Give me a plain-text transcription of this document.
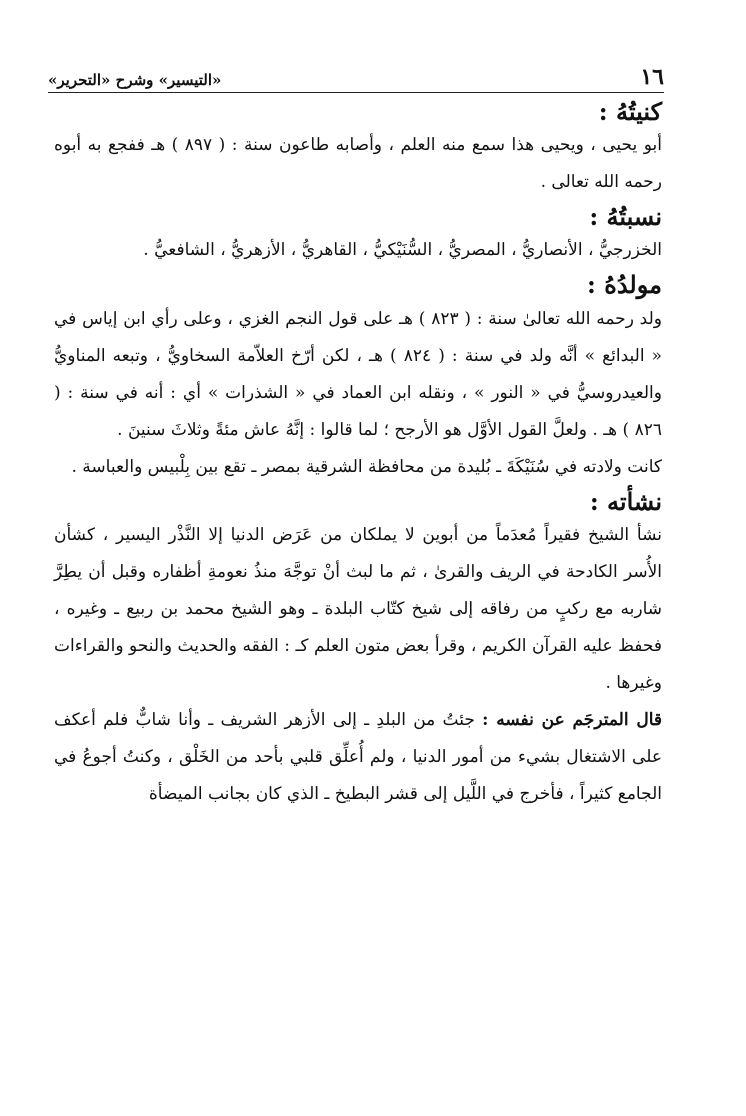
١٦
«التيسير» وشرح «التحرير»
كنيتُهُ :

أبو يحيى ، ويحيى هذا سمع منه العلم ، وأصابه طاعون سنة : ( ٨٩٧ ) هـ ففجع به أبوه رحمه الله تعالى .

نسبتُهُ :

الخزرجيُّ ، الأنصاريُّ ، المصريُّ ، السُّنَيْكيُّ ، القاهريُّ ، الأزهريُّ ، الشافعيُّ .

مولدُهُ :

ولد رحمه الله تعالىٰ سنة : ( ٨٢٣ ) هـ على قول النجم الغزي ، وعلى رأي ابن إياس في « البدائع » أنَّه ولد في سنة : ( ٨٢٤ ) هـ ، لكن أرّخ العلاّمة السخاويُّ ، وتبعه المناويُّ والعيدروسيُّ في « النور » ، ونقله ابن العماد في « الشذرات » أي : أنه في سنة : ( ٨٢٦ ) هـ . ولعلَّ القول الأوَّل هو الأرجح ؛ لما قالوا : إنَّهُ عاش مئةً وثلاثَ سنينَ .

كانت ولادته في سُنَيْكَةَ ـ بُليدة من محافظة الشرقية بمصر ـ تقع بين بِلْبيس والعباسة .

نشأته :

نشأ الشيخ فقيراً مُعدَماً من أبوين لا يملكان من عَرَض الدنيا إلا النَّذْر اليسير ، كشأن الأُسر الكادحة في الريف والقرىٰ ، ثم ما لبث أنْ توجَّهَ منذُ نعومةِ أظفاره وقبل أن يطِرَّ شاربه مع ركبٍ من رفاقه إلى شيخ كتّاب البلدة ـ وهو الشيخ محمد بن ربيع ـ وغيره ، فحفظ عليه القرآن الكريم ، وقرأ بعض متون العلم كـ : الفقه والحديث والنحو والقراءات وغيرها .

قال المترجَم عن نفسه : جئتُ من البلدِ ـ إلى الأزهر الشريف ـ وأنا شابٌّ فلم أعكف على الاشتغال بشيء من أمور الدنيا ، ولم أُعلِّق قلبي بأحد من الخَلْق ، وكنتُ أجوعُ في الجامع كثيراً ، فأخرج في اللَّيل إلى قشر البطيخ ـ الذي كان بجانب الميضأة
